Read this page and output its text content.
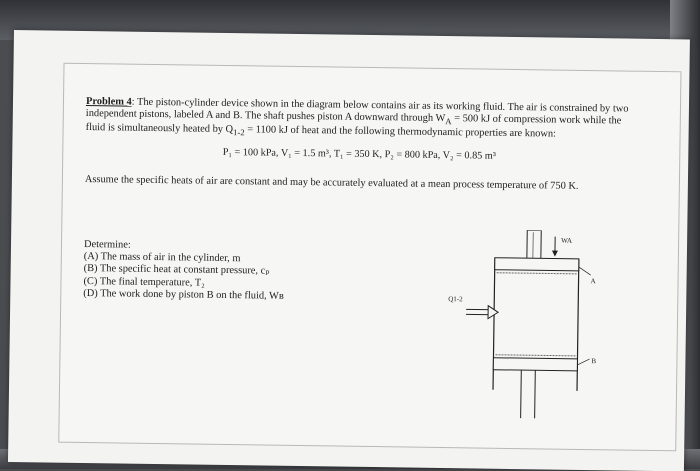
Problem 4: The piston-cylinder device shown in the diagram below contains air as its working fluid. The air is constrained by two independent pistons, labeled A and B. The shaft pushes piston A downward through $W_A = 500$ kJ of compression work while the fluid is simultaneously heated by $Q_{1-2} = 1100$ kJ of heat and the following thermodynamic properties are known:

P₁ = 100 kPa, V₁ = 1.5 m³, T₁ = 350 K, P₂ = 800 kPa, V₂ = 0.85 m³

Assume the specific heats of air are constant and may be accurately evaluated at a mean process temperature of 750 K.

Determine:
(A) The mass of air in the cylinder, m
(B) The specific heat at constant pressure, cₚ
(C) The final temperature, T₂
(D) The work done by piston B on the fluid, Wʙ
WA
A
Q1-2
B
